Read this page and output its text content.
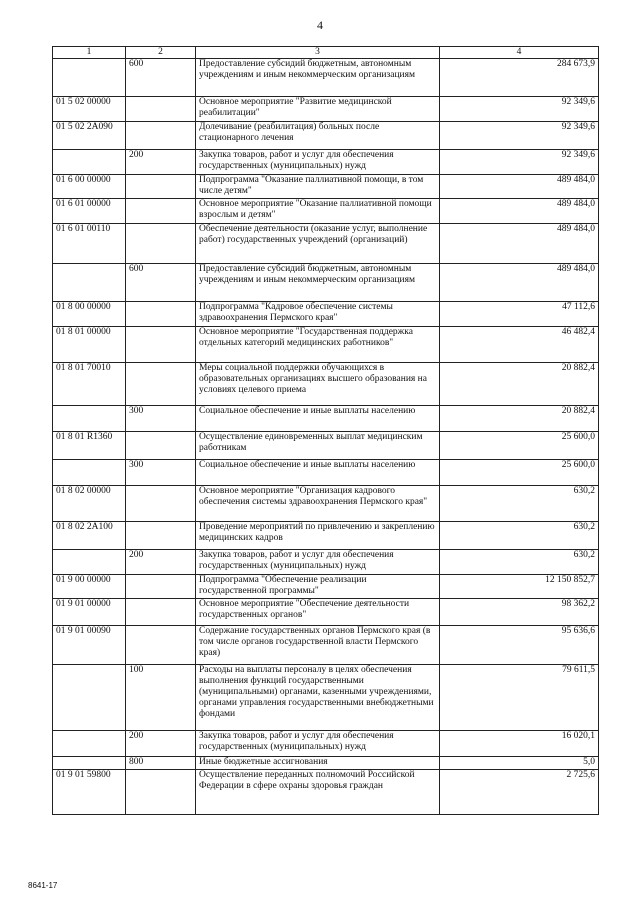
4
1	2	3	4
	600	Предоставление субсидий бюджетным, автономным учреждениям и иным некоммерческим организациям	284 673,9
01 5 02 00000		Основное мероприятие "Развитие медицинской реабилитации"	92 349,6
01 5 02 2А090		Долечивание (реабилитация) больных после стационарного лечения	92 349,6
	200	Закупка товаров, работ и услуг для обеспечения государственных (муниципальных) нужд	92 349,6
01 6 00 00000		Подпрограмма "Оказание паллиативной помощи, в том числе детям"	489 484,0
01 6 01 00000		Основное мероприятие "Оказание паллиативной помощи взрослым и детям"	489 484,0
01 6 01 00110		Обеспечение деятельности (оказание услуг, выполнение работ) государственных учреждений (организаций)	489 484,0
	600	Предоставление субсидий бюджетным, автономным учреждениям и иным некоммерческим организациям	489 484,0
01 8 00 00000		Подпрограмма "Кадровое обеспечение системы здравоохранения Пермского края"	47 112,6
01 8 01 00000		Основное мероприятие "Государственная поддержка отдельных категорий медицинских работников"	46 482,4
01 8 01 70010		Меры социальной поддержки обучающихся в образовательных организациях высшего образования на условиях целевого приема	20 882,4
	300	Социальное обеспечение и иные выплаты населению	20 882,4
01 8 01 R1360		Осуществление единовременных выплат медицинским работникам	25 600,0
	300	Социальное обеспечение и иные выплаты населению	25 600,0
01 8 02 00000		Основное мероприятие "Организация кадрового обеспечения системы здравоохранения Пермского края"	630,2
01 8 02 2А100		Проведение мероприятий по привлечению и закреплению медицинских кадров	630,2
	200	Закупка товаров, работ и услуг для обеспечения государственных (муниципальных) нужд	630,2
01 9 00 00000		Подпрограмма "Обеспечение реализации государственной программы"	12 150 852,7
01 9 01 00000		Основное мероприятие "Обеспечение деятельности государственных органов"	98 362,2
01 9 01 00090		Содержание государственных органов Пермского края (в том числе органов государственной власти Пермского края)	95 636,6
	100	Расходы на выплаты персоналу в целях обеспечения выполнения функций государственными (муниципальными) органами, казенными учреждениями, органами управления государственными внебюджетными фондами	79 611,5
	200	Закупка товаров, работ и услуг для обеспечения государственных (муниципальных) нужд	16 020,1
	800	Иные бюджетные ассигнования	5,0
01 9 01 59800		Осуществление переданных полномочий Российской Федерации в сфере охраны здоровья граждан	2 725,6
8641-17
